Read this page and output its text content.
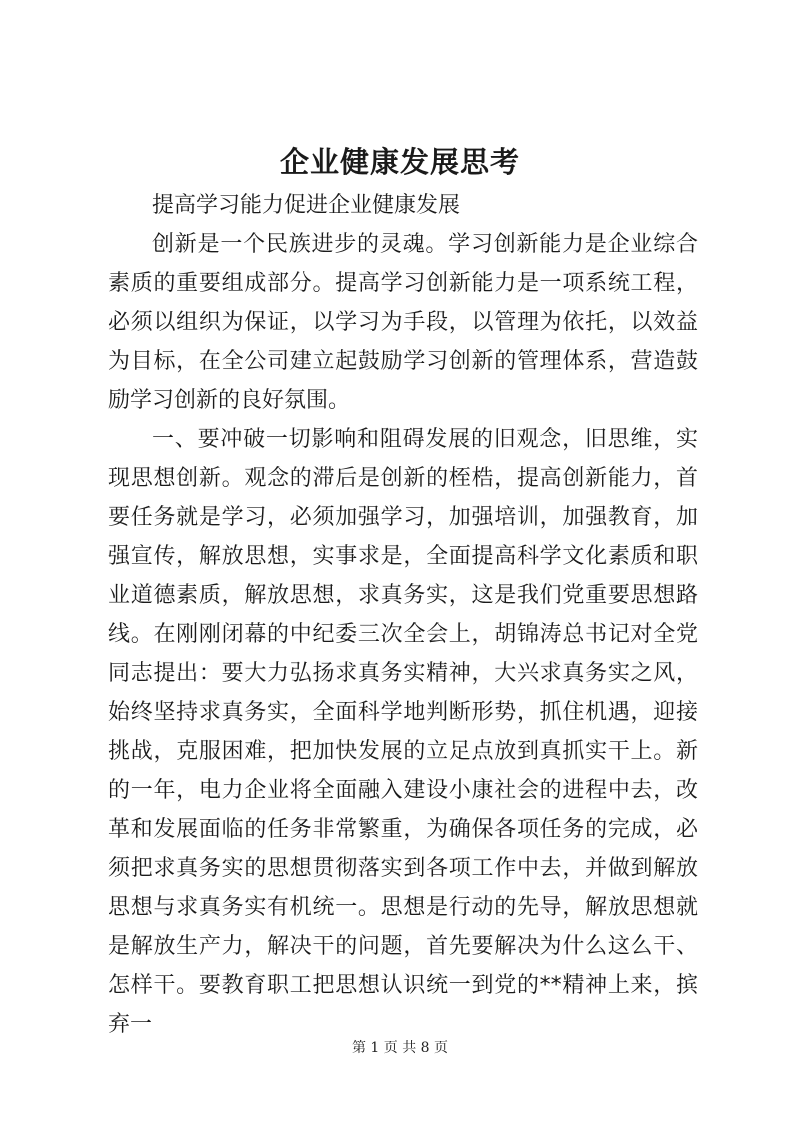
企业健康发展思考

提高学习能力促进企业健康发展

创新是一个民族进步的灵魂。学习创新能力是企业综合素质的重要组成部分。提高学习创新能力是一项系统工程，必须以组织为保证，以学习为手段，以管理为依托，以效益为目标，在全公司建立起鼓励学习创新的管理体系，营造鼓励学习创新的良好氛围。

一、要冲破一切影响和阻碍发展的旧观念，旧思维，实现思想创新。观念的滞后是创新的桎梏，提高创新能力，首要任务就是学习，必须加强学习，加强培训，加强教育，加强宣传，解放思想，实事求是，全面提高科学文化素质和职业道德素质，解放思想，求真务实，这是我们党重要思想路线。在刚刚闭幕的中纪委三次全会上，胡锦涛总书记对全党同志提出：要大力弘扬求真务实精神，大兴求真务实之风，始终坚持求真务实，全面科学地判断形势，抓住机遇，迎接挑战，克服困难，把加快发展的立足点放到真抓实干上。新的一年，电力企业将全面融入建设小康社会的进程中去，改革和发展面临的任务非常繁重，为确保各项任务的完成，必须把求真务实的思想贯彻落实到各项工作中去，并做到解放思想与求真务实有机统一。思想是行动的先导，解放思想就是解放生产力，解决干的问题，首先要解决为什么这么干、怎样干。要教育职工把思想认识统一到党的**精神上来，摈弃一

第 1 页 共 8 页
